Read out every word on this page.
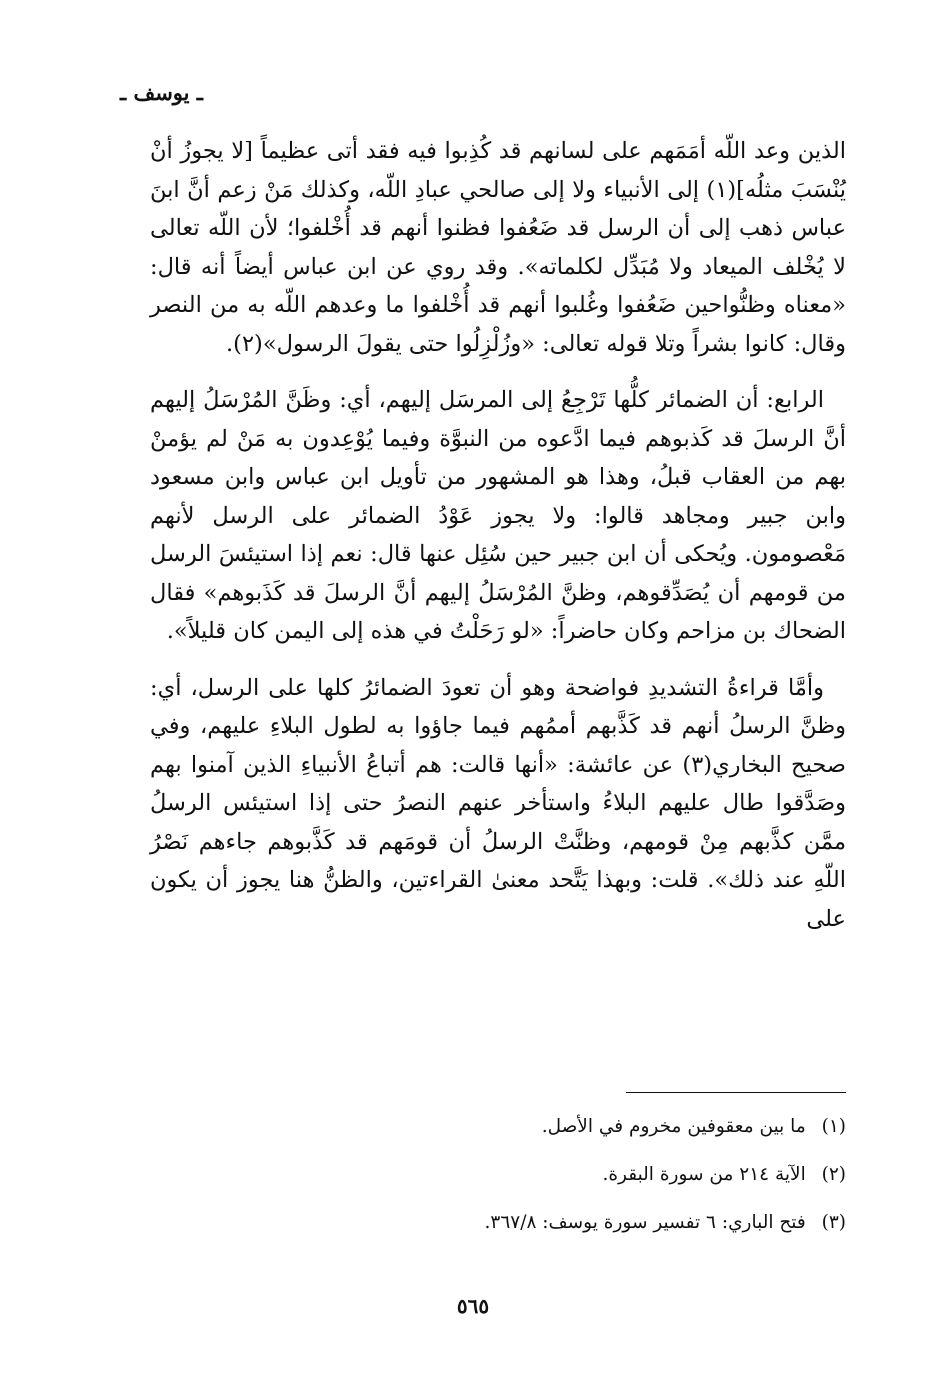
ـ يوسف ـ

الذين وعد اللّه أمَمَهم على لسانهم قد كُذِبوا فيه فقد أتى عظيماً [لا يجوزُ أنْ يُنْسَبَ مثلُه](١) إلى الأنبياء ولا إلى صالحي عبادِ اللّه، وكذلك مَنْ زعم أنَّ ابنَ عباس ذهب إلى أن الرسل قد ضَعُفوا فظنوا أنهم قد أُخْلفوا؛ لأن اللّه تعالى لا يُخْلف الميعاد ولا مُبَدِّل لكلماته». وقد روي عن ابن عباس أيضاً أنه قال: «معناه وظنُّواحين ضَعُفوا وغُلبوا أنهم قد أُخْلفوا ما وعدهم اللّه به من النصر وقال: كانوا بشراً وتلا قوله تعالى: «وزُلْزِلُوا حتى يقولَ الرسول»(٢).

الرابع: أن الضمائر كلُّها تَرْجِعُ إلى المرسَل إليهم، أي: وظَنَّ المُرْسَلُ إليهم أنَّ الرسلَ قد كَذبوهم فيما ادَّعوه من النبوَّة وفيما يُوْعِدون به مَنْ لم يؤمنْ بهم من العقاب قبلُ، وهذا هو المشهور من تأويل ابن عباس وابن مسعود وابن جبير ومجاهد قالوا: ولا يجوز عَوْدُ الضمائر على الرسل لأنهم مَعْصومون. ويُحكى أن ابن جبير حين سُئِل عنها قال: نعم إذا استيئسَ الرسل من قومهم أن يُصَدِّقوهم، وظنَّ المُرْسَلُ إليهم أنَّ الرسلَ قد كَذَبوهم» فقال الضحاك بن مزاحم وكان حاضراً: «لو رَحَلْتُ في هذه إلى اليمن كان قليلاً».

وأمَّا قراءةُ التشديدِ فواضحة وهو أن تعودَ الضمائرُ كلها على الرسل، أي: وظنَّ الرسلُ أنهم قد كَذَّبهم أممُهم فيما جاؤوا به لطول البلاءِ عليهم، وفي صحيح البخاري(٣) عن عائشة: «أنها قالت: هم أتباعُ الأنبياءِ الذين آمنوا بهم وصَدَّقوا طال عليهم البلاءُ واستأخر عنهم النصرُ حتى إذا استيئس الرسلُ ممَّن كذَّبهم مِنْ قومهم، وظنَّتْ الرسلُ أن قومَهم قد كَذَّبوهم جاءهم نَصْرُ اللّهِ عند ذلك». قلت: وبهذا يَتَّحد معنىٰ القراءتين، والظنُّ هنا يجوز أن يكون على

(١) ما بين معقوفين مخروم في الأصل.
(٢) الآية ٢١٤ من سورة البقرة.
(٣) فتح الباري: ٦ تفسير سورة يوسف: ٣٦٧/٨.
٥٦٥
